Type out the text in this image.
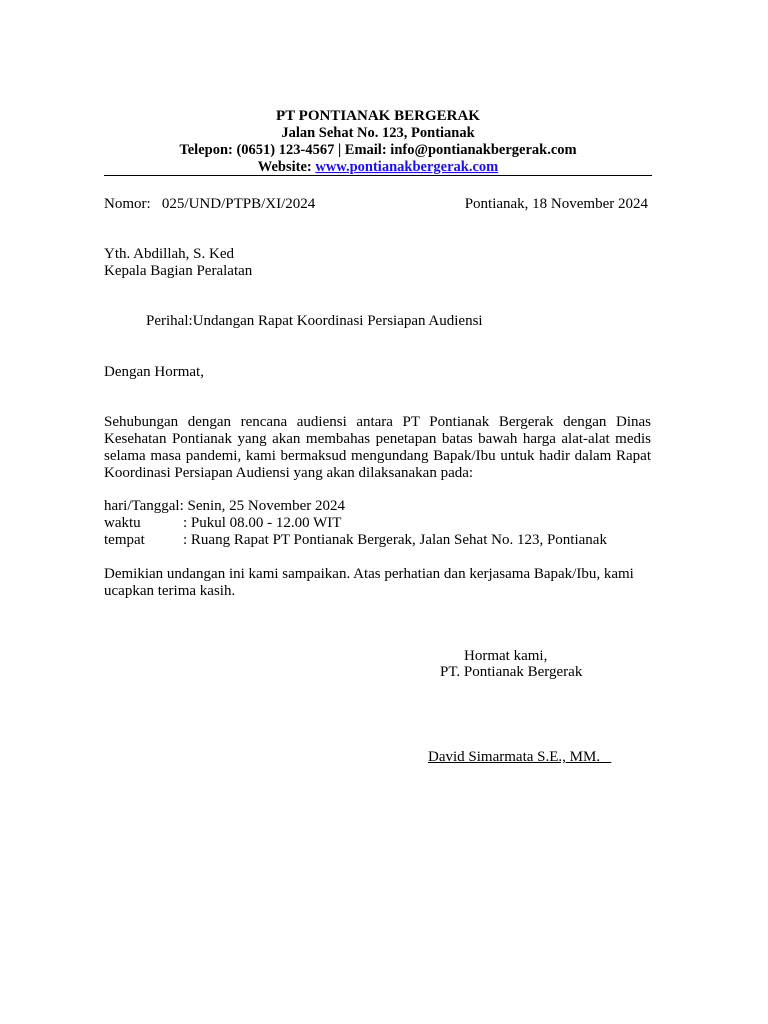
PT PONTIANAK BERGERAK
Jalan Sehat No. 123, Pontianak
Telepon: (0651) 123-4567 | Email: info@pontianakbergerak.com
Website: www.pontianakbergerak.com
Nomor:   025/UND/PTPB/XI/2024	Pontianak, 18 November 2024
Yth. Abdillah, S. Ked
Kepala Bagian Peralatan
Perihal:Undangan Rapat Koordinasi Persiapan Audiensi
Dengan Hormat,
Sehubungan dengan rencana audiensi antara PT Pontianak Bergerak dengan Dinas Kesehatan Pontianak yang akan membahas penetapan batas bawah harga alat-alat medis selama masa pandemi, kami bermaksud mengundang Bapak/Ibu untuk hadir dalam Rapat Koordinasi Persiapan Audiensi yang akan dilaksanakan pada:
hari/Tanggal: Senin, 25 November 2024
waktu	: Pukul 08.00 - 12.00 WIT
tempat	: Ruang Rapat PT Pontianak Bergerak, Jalan Sehat No. 123, Pontianak
Demikian undangan ini kami sampaikan. Atas perhatian dan kerjasama Bapak/Ibu, kami ucapkan terima kasih.
Hormat kami,
PT. Pontianak Bergerak
David Simarmata S.E., MM.
